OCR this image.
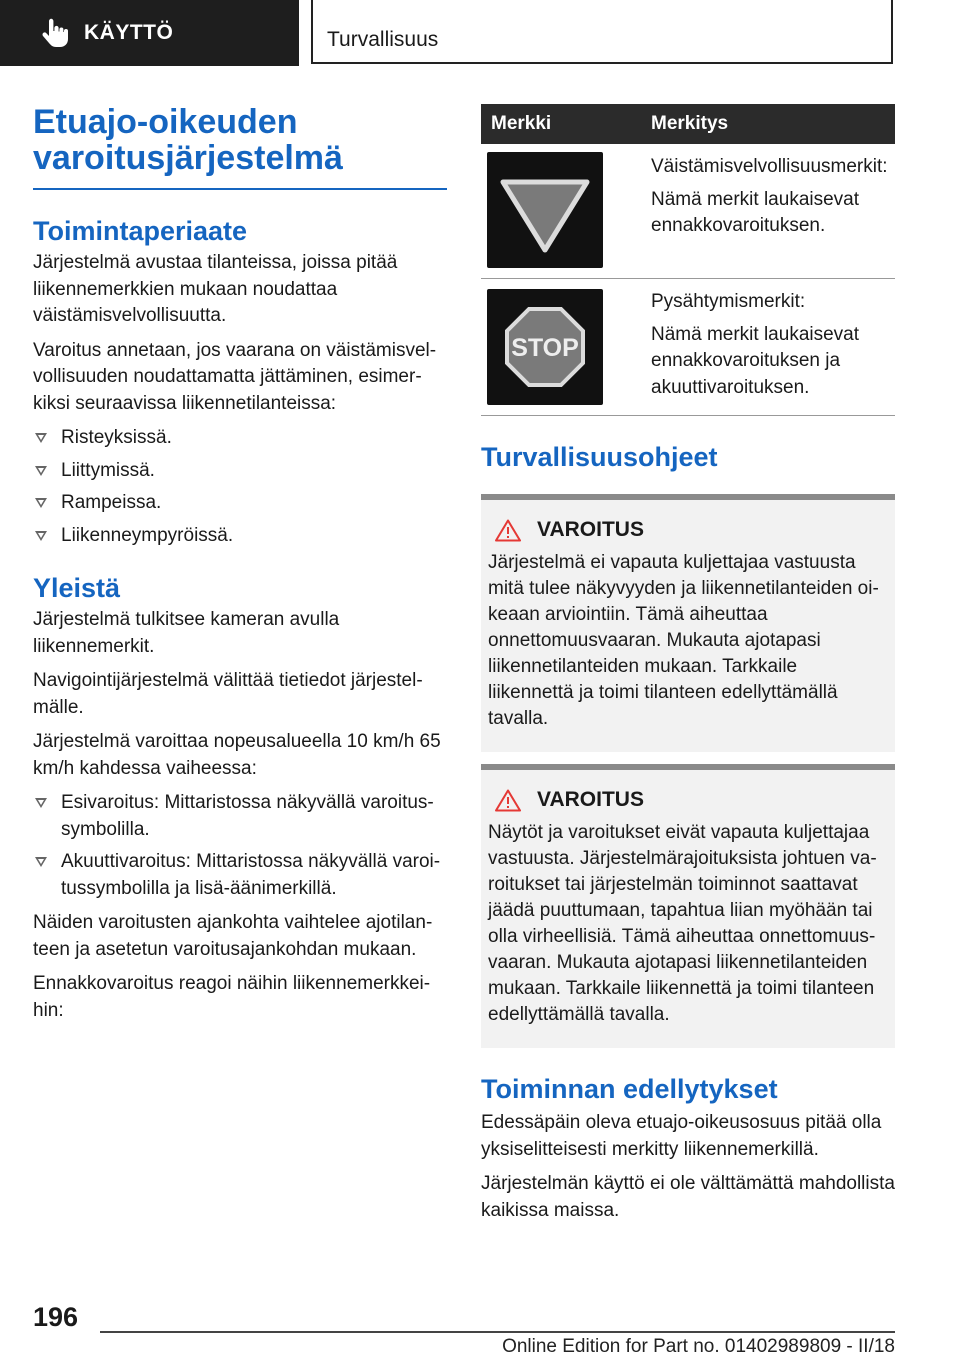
KÄYTTÖ	Turvallisuus
Etuajo-oikeuden
varoitusjärjestelmä
Toimintaperiaate

Järjestelmä avustaa tilanteissa, joissa pitää liikennemerkkien mukaan noudattaa väistämisvelvollisuutta.

Varoitus annetaan, jos vaarana on väistämisvelvollisuuden noudattamatta jättäminen, esimerkiksi seuraavissa liikennetilanteissa:

Risteyksissä.
Liittymissä.
Rampeissa.
Liikenneympyröissä.
Yleistä

Järjestelmä tulkitsee kameran avulla liikennemerkit.

Navigointijärjestelmä välittää tietiedot järjestelmälle.

Järjestelmä varoittaa nopeusalueella 10 km/h 65 km/h kahdessa vaiheessa:

Esivaroitus: Mittaristossa näkyvällä varoitussymbolilla.
Akuuttivaroitus: Mittaristossa näkyvällä varoitussymbolilla ja lisä-äänimerkillä.

Näiden varoitusten ajankohta vaihtelee ajotilanteen ja asetetun varoitusajankohdan mukaan.

Ennakkovaroitus reagoi näihin liikennemerkkeihin:

Merkki	Merkitys

Väistämisvelvollisuusmerkit:
Nämä merkit laukaisevat ennakkovaroituksen.

STOP	Pysähtymismerkit:
Nämä merkit laukaisevat ennakkovaroituksen ja akuuttivaroituksen.
Turvallisuusohjeet
VAROITUS

Järjestelmä ei vapauta kuljettajaa vastuusta mitä tulee näkyvyyden ja liikennetilanteiden oikeaan arviointiin. Tämä aiheuttaa onnettomuusvaaran. Mukauta ajotapasi liikennetilanteiden mukaan. Tarkkaile liikennettä ja toimi tilanteen edellyttämällä tavalla.

VAROITUS

Näytöt ja varoitukset eivät vapauta kuljettajaa vastuusta. Järjestelmärajoituksista johtuen varoitukset tai järjestelmän toiminnot saattavat jäädä puuttumaan, tapahtua liian myöhään tai olla virheellisiä. Tämä aiheuttaa onnettomuusvaaran. Mukauta ajotapasi liikennetilanteiden mukaan. Tarkkaile liikennettä ja toimi tilanteen edellyttämällä tavalla.

Toiminnan edellytykset

Edessäpäin oleva etuajo-oikeusosuus pitää olla yksiselitteisesti merkitty liikennemerkillä.

Järjestelmän käyttö ei ole välttämättä mahdollista kaikissa maissa.

196
Online Edition for Part no. 01402989809 - II/18
